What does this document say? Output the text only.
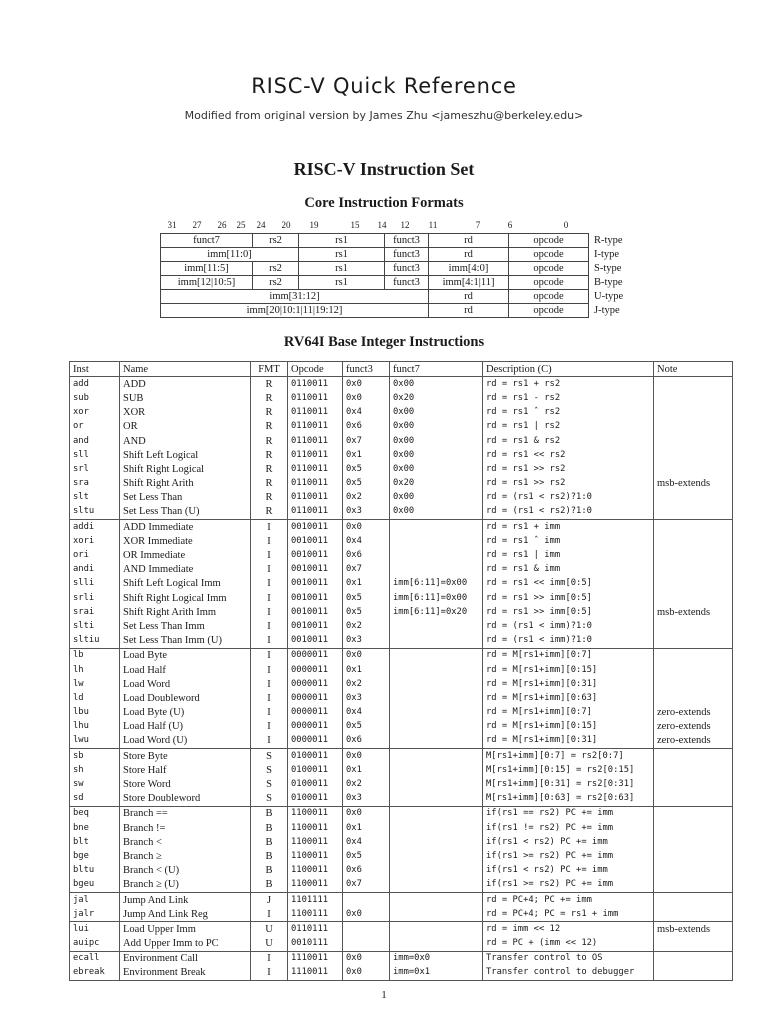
RISC-V Quick Reference
Modified from original version by James Zhu <jameszhu@berkeley.edu>
RISC-V Instruction Set
Core Instruction Formats
31 27 26 25 24 20 19	15 14 12 11	7	6	0
funct7	rs2	rs1	funct3	rd	opcode	R-type
imm[11:0]		rs1	funct3	rd	opcode	I-type
imm[11:5]	rs2	rs1	funct3	imm[4:0]	opcode	S-type
imm[12|10:5]	rs2	rs1	funct3	imm[4:1|11]	opcode	B-type
imm[31:12]				rd	opcode	U-type
imm[20|10:1|11|19:12]				rd	opcode	J-type
RV64I Base Integer Instructions
Inst	Name	FMT	Opcode	funct3	funct7	Description (C)	Note
add	ADD	R	0110011	0x0	0x00	rd = rs1 + rs2	
sub	SUB	R	0110011	0x0	0x20	rd = rs1 - rs2	
xor	XOR	R	0110011	0x4	0x00	rd = rs1 ˆ rs2	
or	OR	R	0110011	0x6	0x00	rd = rs1 | rs2	
and	AND	R	0110011	0x7	0x00	rd = rs1 & rs2	
sll	Shift Left Logical	R	0110011	0x1	0x00	rd = rs1 << rs2	
srl	Shift Right Logical	R	0110011	0x5	0x00	rd = rs1 >> rs2	
sra	Shift Right Arith	R	0110011	0x5	0x20	rd = rs1 >> rs2	msb-extends
slt	Set Less Than	R	0110011	0x2	0x00	rd = (rs1 < rs2)?1:0	
sltu	Set Less Than (U)	R	0110011	0x3	0x00	rd = (rs1 < rs2)?1:0	
addi	ADD Immediate	I	0010011	0x0		rd = rs1 + imm	
xori	XOR Immediate	I	0010011	0x4		rd = rs1 ˆ imm	
ori	OR Immediate	I	0010011	0x6		rd = rs1 | imm	
andi	AND Immediate	I	0010011	0x7		rd = rs1 & imm	
slli	Shift Left Logical Imm	I	0010011	0x1	imm[6:11]=0x00	rd = rs1 << imm[0:5]	
srli	Shift Right Logical Imm	I	0010011	0x5	imm[6:11]=0x00	rd = rs1 >> imm[0:5]	
srai	Shift Right Arith Imm	I	0010011	0x5	imm[6:11]=0x20	rd = rs1 >> imm[0:5]	msb-extends
slti	Set Less Than Imm	I	0010011	0x2		rd = (rs1 < imm)?1:0	
sltiu	Set Less Than Imm (U)	I	0010011	0x3		rd = (rs1 < imm)?1:0	
lb	Load Byte	I	0000011	0x0		rd = M[rs1+imm][0:7]	
lh	Load Half	I	0000011	0x1		rd = M[rs1+imm][0:15]	
lw	Load Word	I	0000011	0x2		rd = M[rs1+imm][0:31]	
ld	Load Doubleword	I	0000011	0x3		rd = M[rs1+imm][0:63]	
lbu	Load Byte (U)	I	0000011	0x4		rd = M[rs1+imm][0:7]	zero-extends
lhu	Load Half (U)	I	0000011	0x5		rd = M[rs1+imm][0:15]	zero-extends
lwu	Load Word (U)	I	0000011	0x6		rd = M[rs1+imm][0:31]	zero-extends
sb	Store Byte	S	0100011	0x0		M[rs1+imm][0:7] = rs2[0:7]	
sh	Store Half	S	0100011	0x1		M[rs1+imm][0:15] = rs2[0:15]	
sw	Store Word	S	0100011	0x2		M[rs1+imm][0:31] = rs2[0:31]	
sd	Store Doubleword	S	0100011	0x3		M[rs1+imm][0:63] = rs2[0:63]	
beq	Branch ==	B	1100011	0x0		if(rs1 == rs2) PC += imm	
bne	Branch !=	B	1100011	0x1		if(rs1 != rs2) PC += imm	
blt	Branch <	B	1100011	0x4		if(rs1 < rs2) PC += imm	
bge	Branch ≥	B	1100011	0x5		if(rs1 >= rs2) PC += imm	
bltu	Branch < (U)	B	1100011	0x6		if(rs1 < rs2) PC += imm	
bgeu	Branch ≥ (U)	B	1100011	0x7		if(rs1 >= rs2) PC += imm	
jal	Jump And Link	J	1101111			rd = PC+4; PC += imm	
jalr	Jump And Link Reg	I	1100111	0x0		rd = PC+4; PC = rs1 + imm	
lui	Load Upper Imm	U	0110111			rd = imm << 12	msb-extends
auipc	Add Upper Imm to PC	U	0010111			rd = PC + (imm << 12)	
ecall	Environment Call	I	1110011	0x0	imm=0x0	Transfer control to OS	
ebreak	Environment Break	I	1110011	0x0	imm=0x1	Transfer control to debugger	
1
